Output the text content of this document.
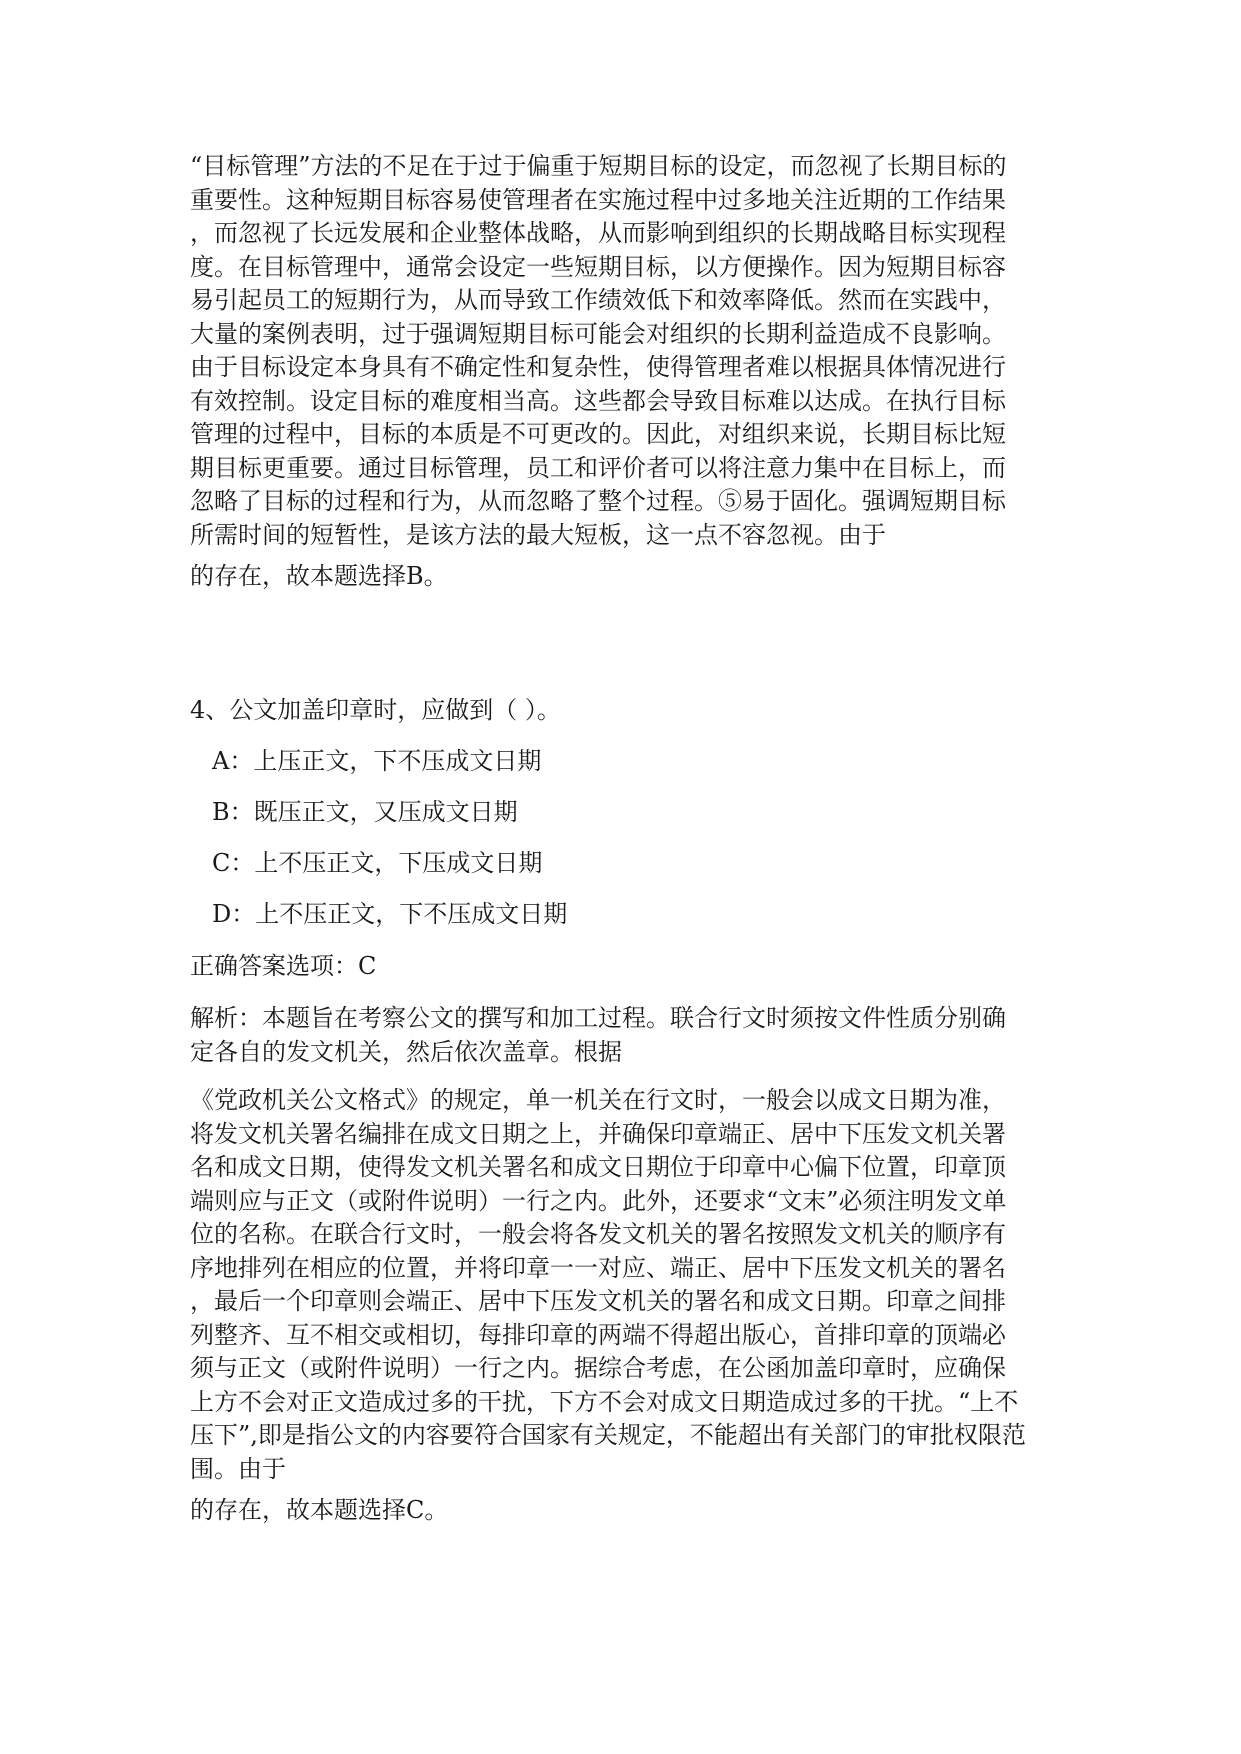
“目标管理”方法的不足在于过于偏重于短期目标的设定，而忽视了长期目标的
重要性。这种短期目标容易使管理者在实施过程中过多地关注近期的工作结果
，而忽视了长远发展和企业整体战略，从而影响到组织的长期战略目标实现程
度。在目标管理中，通常会设定一些短期目标，以方便操作。因为短期目标容
易引起员工的短期行为，从而导致工作绩效低下和效率降低。然而在实践中，
大量的案例表明，过于强调短期目标可能会对组织的长期利益造成不良影响。
由于目标设定本身具有不确定性和复杂性，使得管理者难以根据具体情况进行
有效控制。设定目标的难度相当高。这些都会导致目标难以达成。在执行目标
管理的过程中，目标的本质是不可更改的。因此，对组织来说，长期目标比短
期目标更重要。通过目标管理，员工和评价者可以将注意力集中在目标上，而
忽略了目标的过程和行为，从而忽略了整个过程。⑤易于固化。强调短期目标
所需时间的短暂性，是该方法的最大短板，这一点不容忽视。由于

的存在，故本题选择B。

4、公文加盖印章时，应做到（ ）。

A：上压正文，下不压成文日期

B：既压正文，又压成文日期

C：上不压正文，下压成文日期

D：上不压正文，下不压成文日期

正确答案选项：C

解析：本题旨在考察公文的撰写和加工过程。联合行文时须按文件性质分别确
定各自的发文机关，然后依次盖章。根据
《党政机关公文格式》的规定，单一机关在行文时，一般会以成文日期为准，
将发文机关署名编排在成文日期之上，并确保印章端正、居中下压发文机关署
名和成文日期，使得发文机关署名和成文日期位于印章中心偏下位置，印章顶
端则应与正文（或附件说明）一行之内。此外，还要求“文末”必须注明发文单
位的名称。在联合行文时，一般会将各发文机关的署名按照发文机关的顺序有
序地排列在相应的位置，并将印章一一对应、端正、居中下压发文机关的署名
，最后一个印章则会端正、居中下压发文机关的署名和成文日期。印章之间排
列整齐、互不相交或相切，每排印章的两端不得超出版心，首排印章的顶端必
须与正文（或附件说明）一行之内。据综合考虑，在公函加盖印章时，应确保
上方不会对正文造成过多的干扰，下方不会对成文日期造成过多的干扰。“上不
压下”,即是指公文的内容要符合国家有关规定，不能超出有关部门的审批权限范
围。由于

的存在，故本题选择C。
